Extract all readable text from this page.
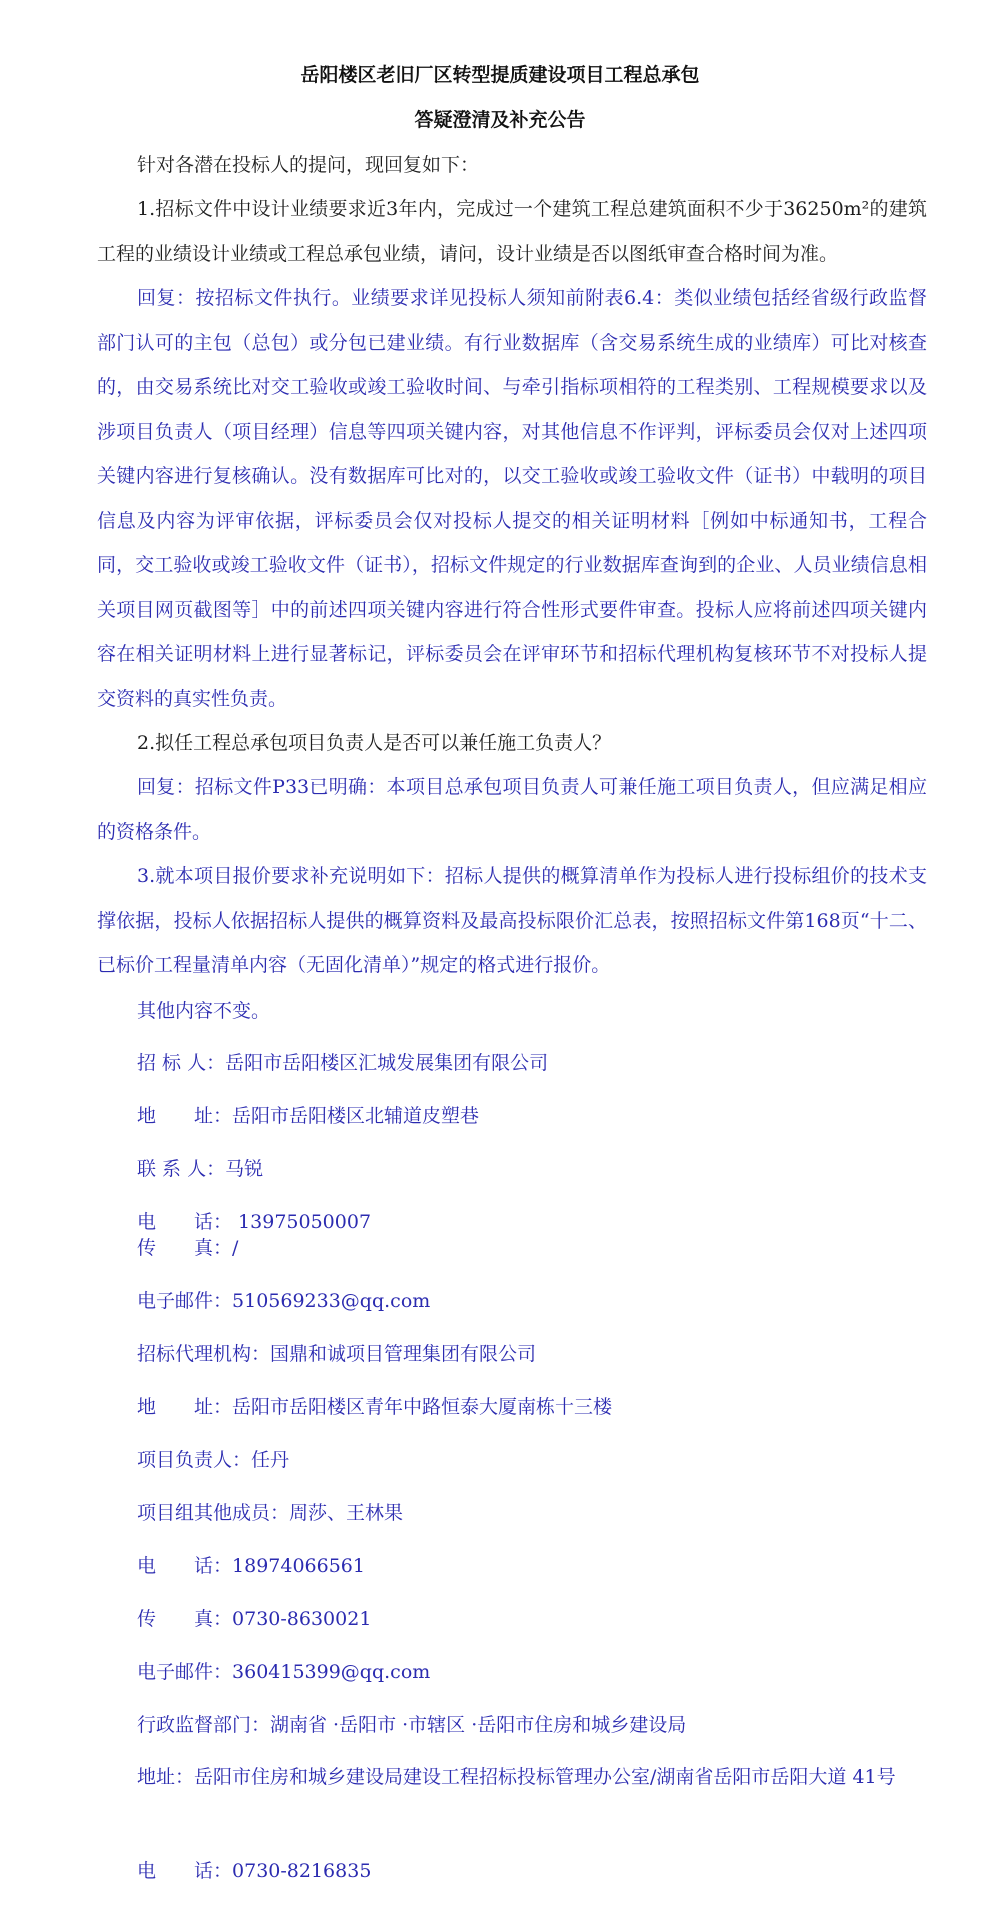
岳阳楼区老旧厂区转型提质建设项目工程总承包
答疑澄清及补充公告
针对各潜在投标人的提问，现回复如下：
1.招标文件中设计业绩要求近3年内，完成过一个建筑工程总建筑面积不少于36250m²的建筑工程的业绩设计业绩或工程总承包业绩，请问，设计业绩是否以图纸审查合格时间为准。
回复：按招标文件执行。业绩要求详见投标人须知前附表6.4：类似业绩包括经省级行政监督部门认可的主包（总包）或分包已建业绩。有行业数据库（含交易系统生成的业绩库）可比对核查的，由交易系统比对交工验收或竣工验收时间、与牵引指标项相符的工程类别、工程规模要求以及涉项目负责人（项目经理）信息等四项关键内容，对其他信息不作评判，评标委员会仅对上述四项关键内容进行复核确认。没有数据库可比对的，以交工验收或竣工验收文件（证书）中载明的项目信息及内容为评审依据，评标委员会仅对投标人提交的相关证明材料［例如中标通知书，工程合同，交工验收或竣工验收文件（证书），招标文件规定的行业数据库查询到的企业、人员业绩信息相关项目网页截图等］中的前述四项关键内容进行符合性形式要件审查。投标人应将前述四项关键内容在相关证明材料上进行显著标记，评标委员会在评审环节和招标代理机构复核环节不对投标人提交资料的真实性负责。
2.拟任工程总承包项目负责人是否可以兼任施工负责人？
回复：招标文件P33已明确：本项目总承包项目负责人可兼任施工项目负责人，但应满足相应的资格条件。
3.就本项目报价要求补充说明如下：招标人提供的概算清单作为投标人进行投标组价的技术支撑依据，投标人依据招标人提供的概算资料及最高投标限价汇总表，按照招标文件第168页“十二、已标价工程量清单内容（无固化清单）”规定的格式进行报价。
其他内容不变。
招 标 人：岳阳市岳阳楼区汇城发展集团有限公司
地　　址：岳阳市岳阳楼区北辅道皮塑巷
联 系 人：马锐
电　　话： 13975050007
传　　真：/
电子邮件：510569233@qq.com
招标代理机构：国鼎和诚项目管理集团有限公司
地　　址：岳阳市岳阳楼区青年中路恒泰大厦南栋十三楼
项目负责人：任丹
项目组其他成员：周莎、王林果
电　　话：18974066561
传　　真：0730-8630021
电子邮件：360415399@qq.com
行政监督部门：湖南省 ·岳阳市 ·市辖区 ·岳阳市住房和城乡建设局
地址：岳阳市住房和城乡建设局建设工程招标投标管理办公室/湖南省岳阳市岳阳大道 41号
电　　话：0730-8216835
